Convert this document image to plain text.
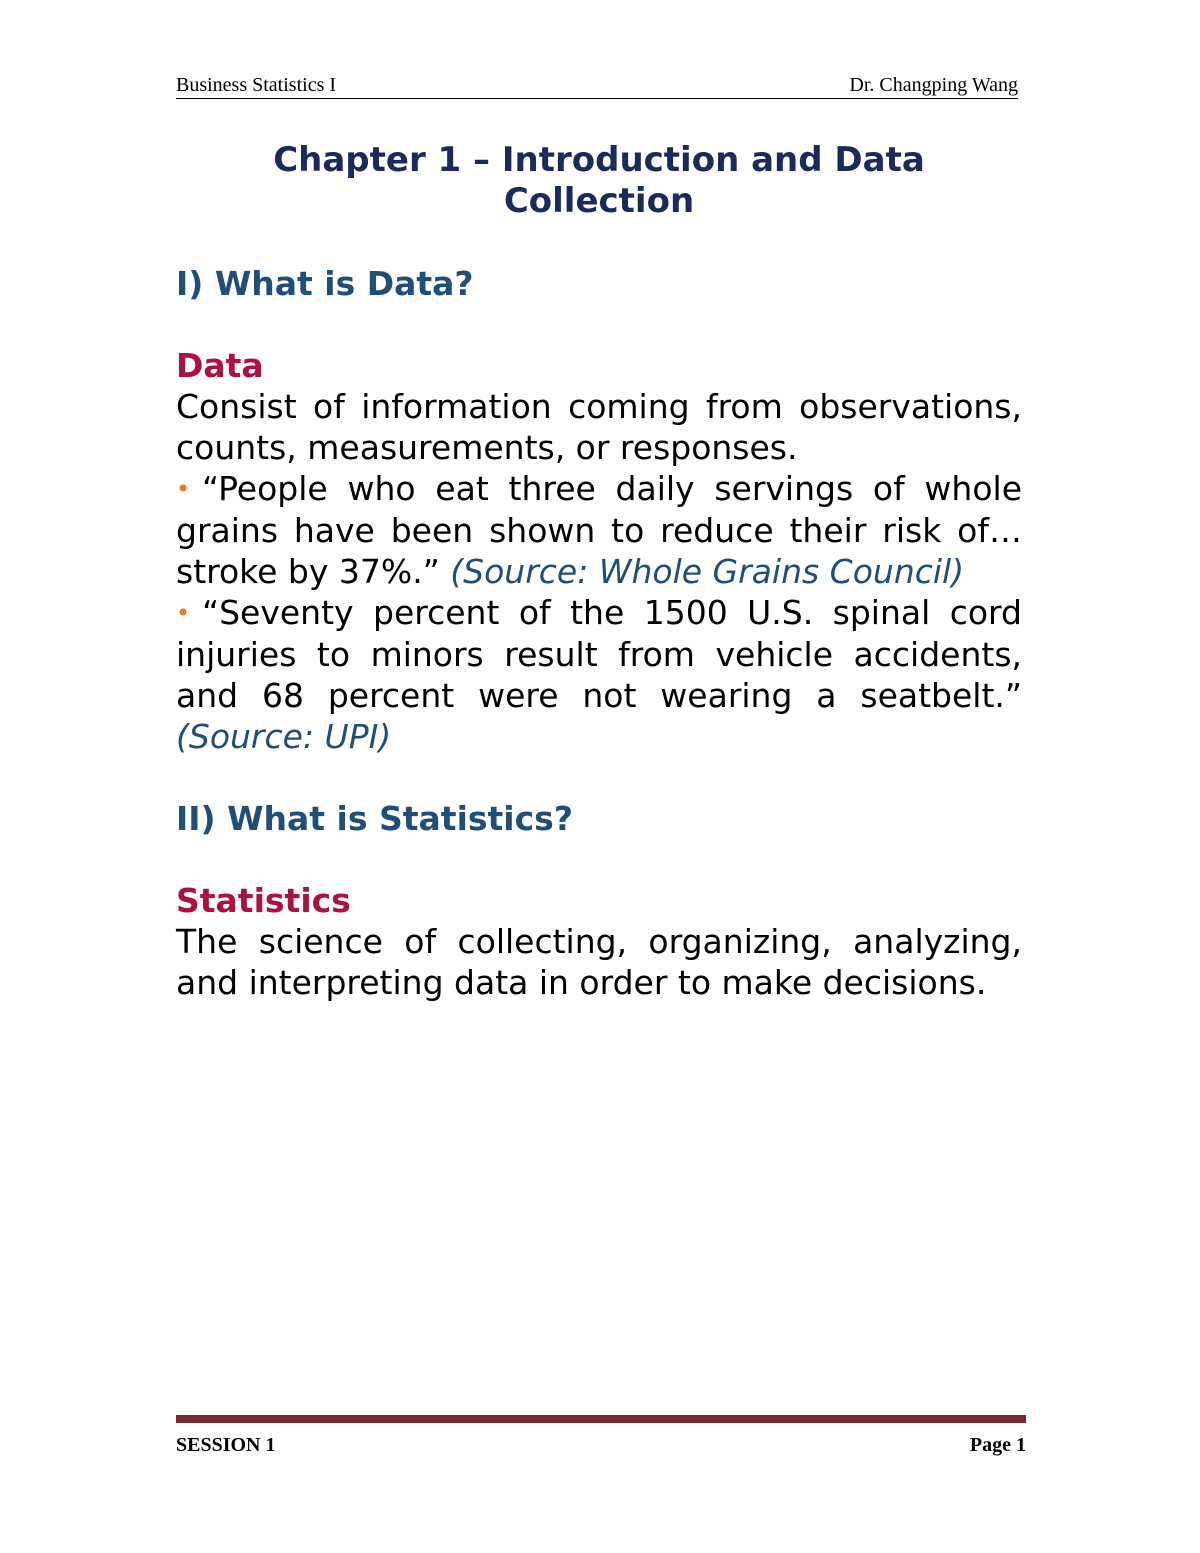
Business Statistics I	Dr. Changping Wang

Chapter 1 – Introduction and Data
Collection

I) What is Data?

Data

Consist of information coming from observations, counts, measurements, or responses.

• “People who eat three daily servings of whole grains have been shown to reduce their risk of…stroke by 37%.” (Source: Whole Grains Council)

• “Seventy percent of the 1500 U.S. spinal cord injuries to minors result from vehicle accidents, and 68 percent were not wearing a seatbelt.” (Source: UPI)

II) What is Statistics?

Statistics

The science of collecting, organizing, analyzing, and interpreting data in order to make decisions.

SESSION 1	Page 1
